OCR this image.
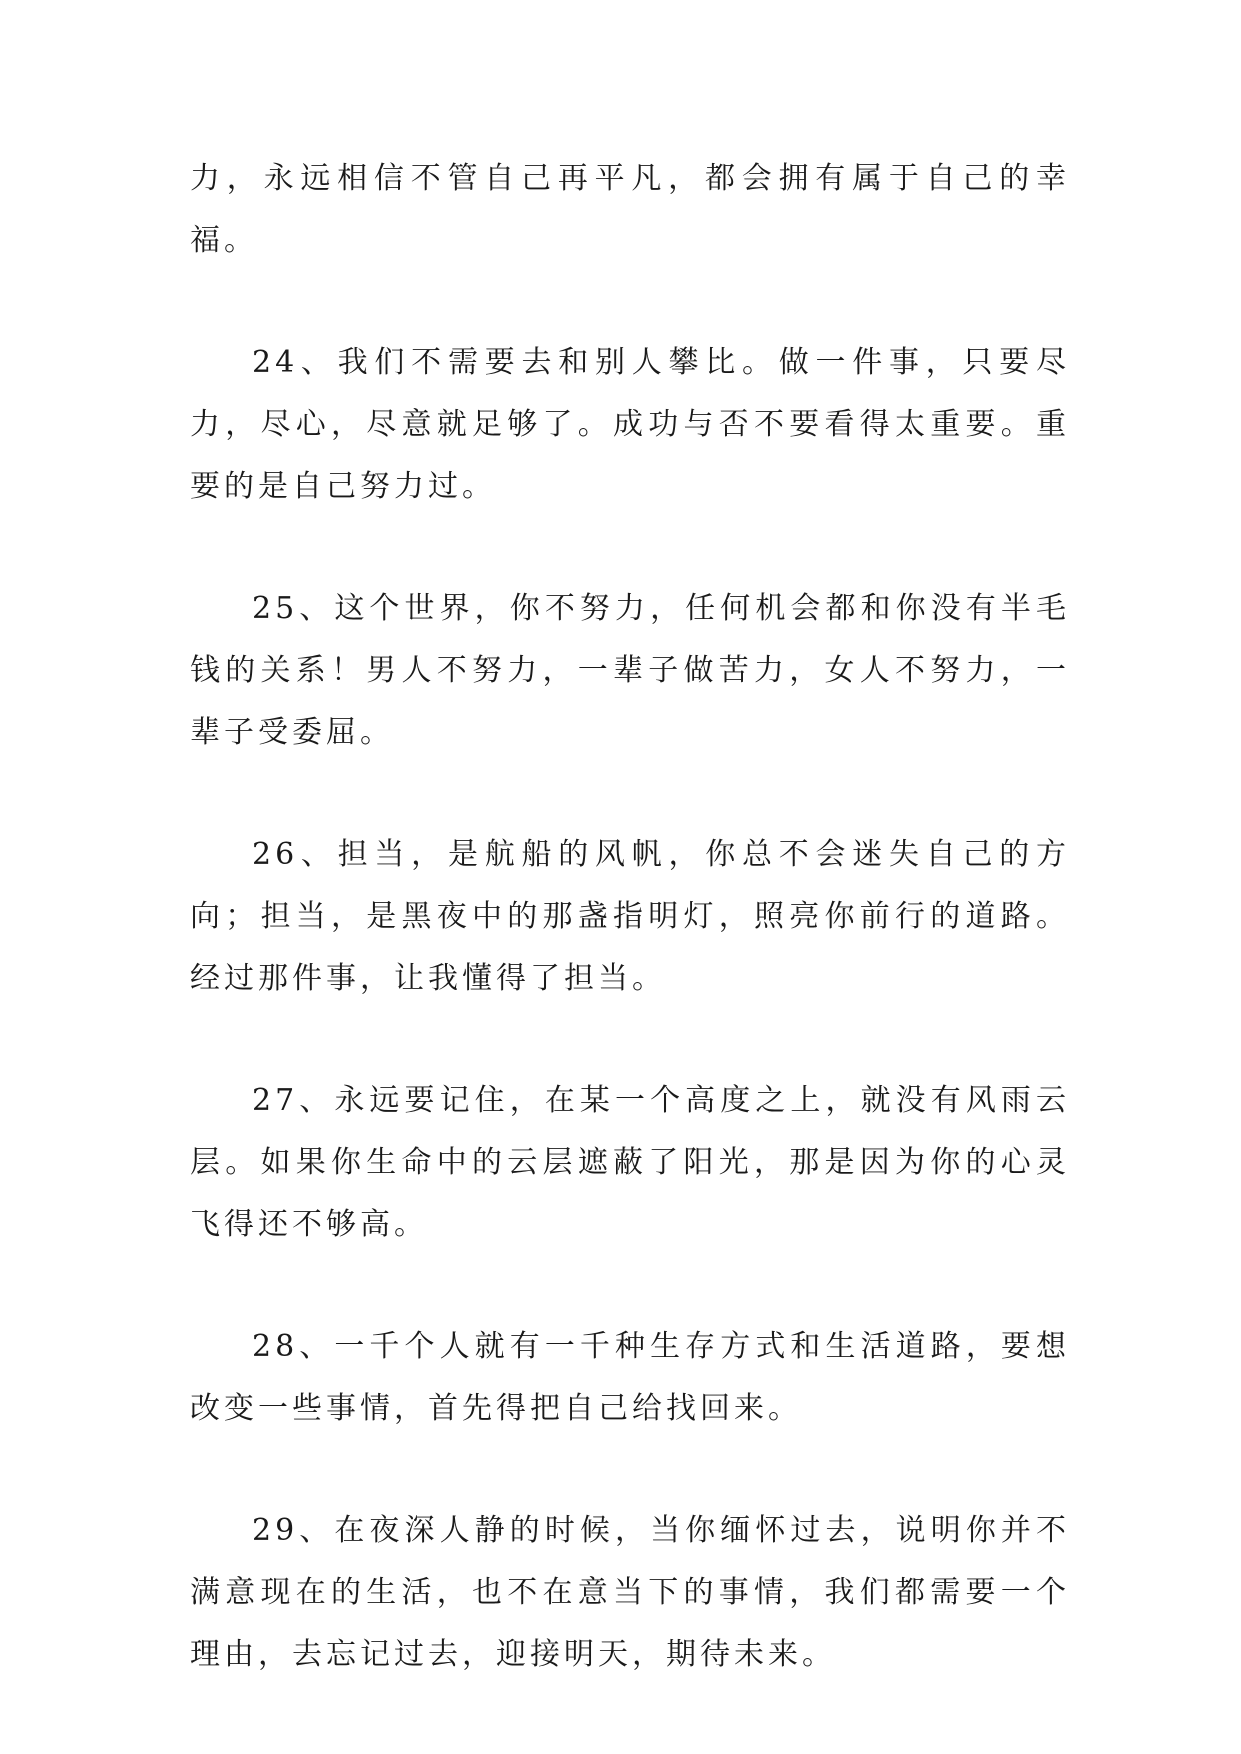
力，永远相信不管自己再平凡，都会拥有属于自己的幸福。

24、我们不需要去和别人攀比。做一件事，只要尽力，尽心，尽意就足够了。成功与否不要看得太重要。重要的是自己努力过。

25、这个世界，你不努力，任何机会都和你没有半毛钱的关系！男人不努力，一辈子做苦力，女人不努力，一辈子受委屈。

26、担当，是航船的风帆，你总不会迷失自己的方向；担当，是黑夜中的那盏指明灯，照亮你前行的道路。经过那件事，让我懂得了担当。

27、永远要记住，在某一个高度之上，就没有风雨云层。如果你生命中的云层遮蔽了阳光，那是因为你的心灵飞得还不够高。

28、一千个人就有一千种生存方式和生活道路，要想改变一些事情，首先得把自己给找回来。

29、在夜深人静的时候，当你缅怀过去，说明你并不满意现在的生活，也不在意当下的事情，我们都需要一个理由，去忘记过去，迎接明天，期待未来。
